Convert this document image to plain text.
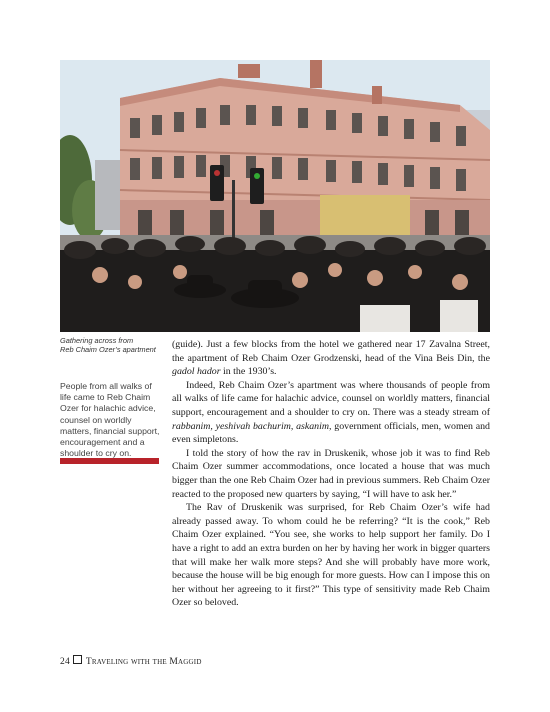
Gathering across from
Reb Chaim Ozer’s apartment
People from all walks of life came to Reb Chaim Ozer for halachic advice, counsel on worldly matters, financial support, encouragement and a shoulder to cry on.

(guide). Just a few blocks from the hotel we gathered near 17 Zavalna Street, the apartment of Reb Chaim Ozer Grodzenski, head of the Vina Beis Din, the gadol hador in the 1930’s.

Indeed, Reb Chaim Ozer’s apartment was where thousands of people from all walks of life came for halachic advice, counsel on worldly matters, financial support, encouragement and a shoulder to cry on. There was a steady stream of rabbanim, yeshivah bachurim, askanim, government officials, men, women and even simpletons.

I told the story of how the rav in Druskenik, whose job it was to find Reb Chaim Ozer summer accommodations, once located a house that was much bigger than the one Reb Chaim Ozer had in previous summers. Reb Chaim Ozer reacted to the proposed new quarters by saying, “I will have to ask her.”

The Rav of Druskenik was surprised, for Reb Chaim Ozer’s wife had already passed away. To whom could he be referring? “It is the cook,” Reb Chaim Ozer explained. “You see, she works to help support her family. Do I have a right to add an extra burden on her by having her work in bigger quarters that will make her walk more steps? And she will probably have more work, because the house will be big enough for more guests. How can I impose this on her without her agreeing to it first?” This type of sensitivity made Reb Chaim Ozer so beloved.

24 Traveling with the Maggid
